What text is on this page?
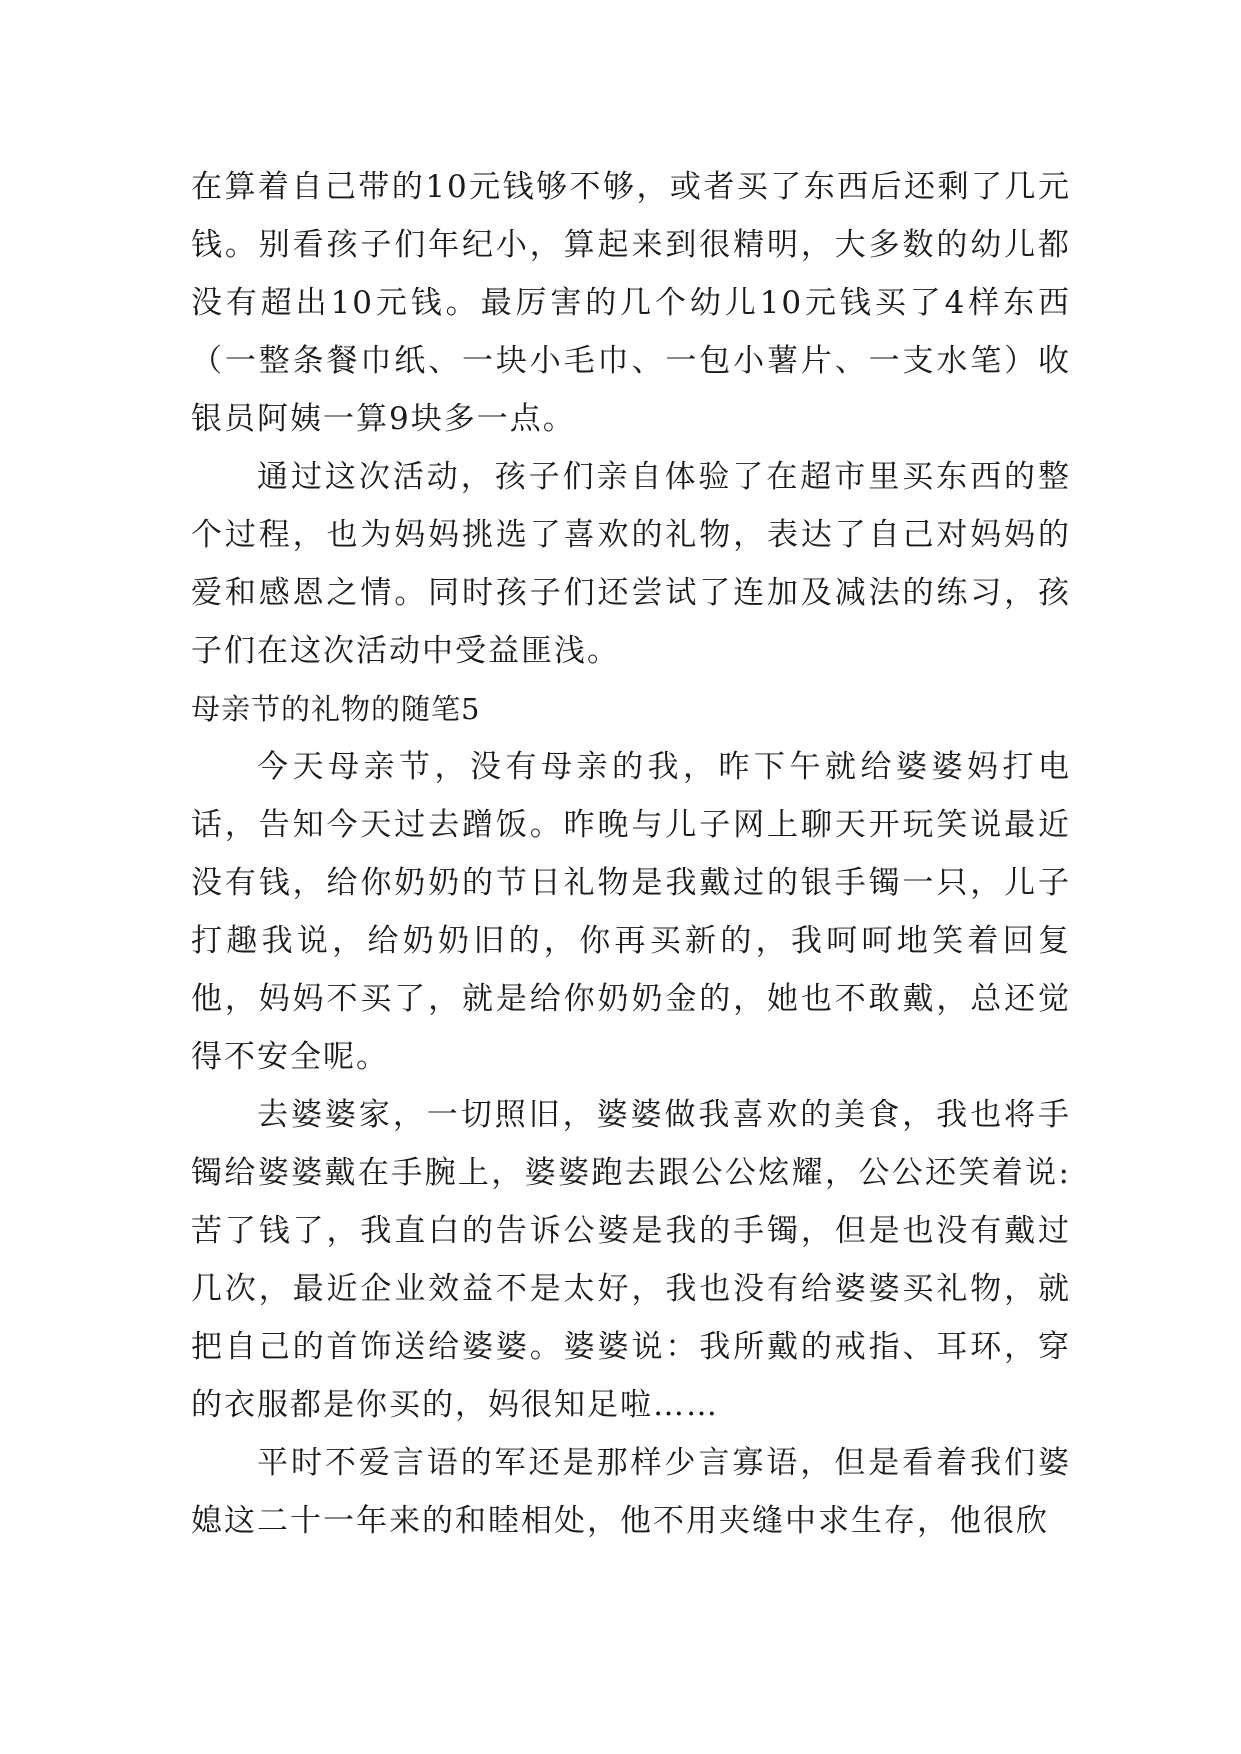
在算着自己带的10元钱够不够，或者买了东西后还剩了几元钱。别看孩子们年纪小，算起来到很精明，大多数的幼儿都没有超出10元钱。最厉害的几个幼儿10元钱买了4样东西（一整条餐巾纸、一块小毛巾、一包小薯片、一支水笔）收银员阿姨一算9块多一点。

通过这次活动，孩子们亲自体验了在超市里买东西的整个过程，也为妈妈挑选了喜欢的礼物，表达了自己对妈妈的爱和感恩之情。同时孩子们还尝试了连加及减法的练习，孩子们在这次活动中受益匪浅。

母亲节的礼物的随笔5

今天母亲节，没有母亲的我，昨下午就给婆婆妈打电话，告知今天过去蹭饭。昨晚与儿子网上聊天开玩笑说最近没有钱，给你奶奶的节日礼物是我戴过的银手镯一只，儿子打趣我说，给奶奶旧的，你再买新的，我呵呵地笑着回复他，妈妈不买了，就是给你奶奶金的，她也不敢戴，总还觉得不安全呢。

去婆婆家，一切照旧，婆婆做我喜欢的美食，我也将手镯给婆婆戴在手腕上，婆婆跑去跟公公炫耀，公公还笑着说:苦了钱了，我直白的告诉公婆是我的手镯，但是也没有戴过几次，最近企业效益不是太好，我也没有给婆婆买礼物，就把自己的首饰送给婆婆。婆婆说：我所戴的戒指、耳环，穿的衣服都是你买的，妈很知足啦……

平时不爱言语的军还是那样少言寡语，但是看着我们婆媳这二十一年来的和睦相处，他不用夹缝中求生存，他很欣
